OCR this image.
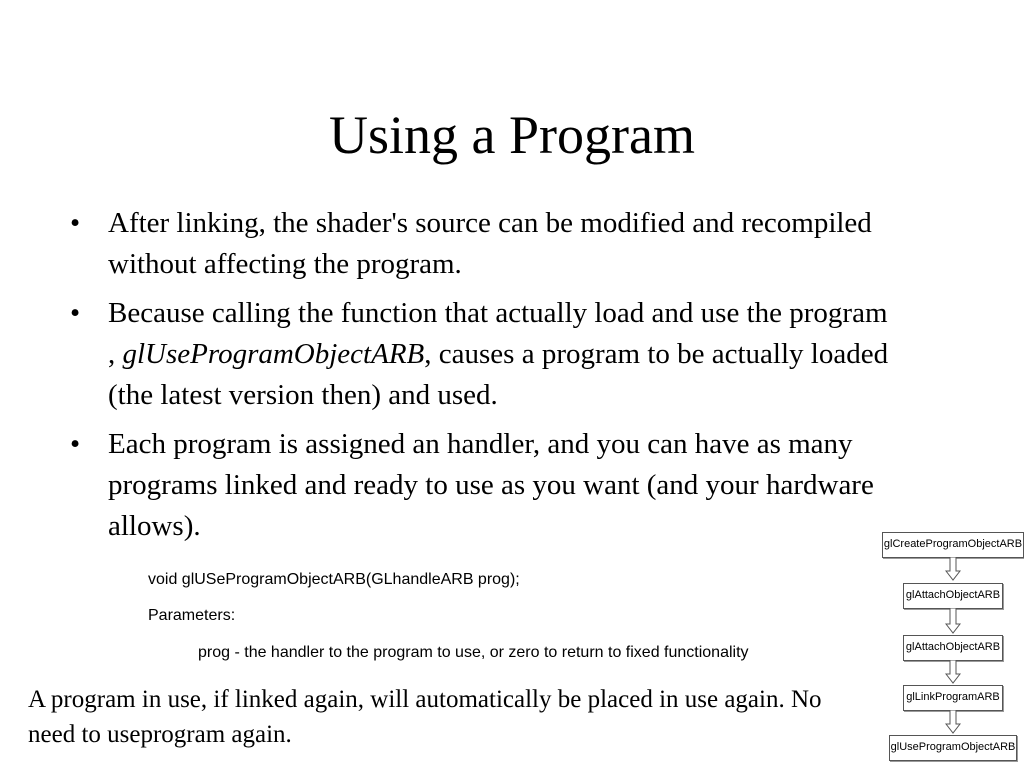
Using a Program
• After linking, the shader's source can be modified and recompiled without affecting the program.
• Because calling the function that actually load and use the program , glUseProgramObjectARB, causes a program to be actually loaded (the latest version then) and used.
• Each program is assigned an handler, and you can have as many programs linked and ready to use as you want (and your hardware allows).
void glUSeProgramObjectARB(GLhandleARB prog);
Parameters:
prog - the handler to the program to use, or zero to return to fixed functionality
A program in use, if linked again, will automatically be placed in use again. No need to useprogram again.
glCreateProgramObjectARB
glAttachObjectARB
glAttachObjectARB
glLinkProgramARB
glUseProgramObjectARB
